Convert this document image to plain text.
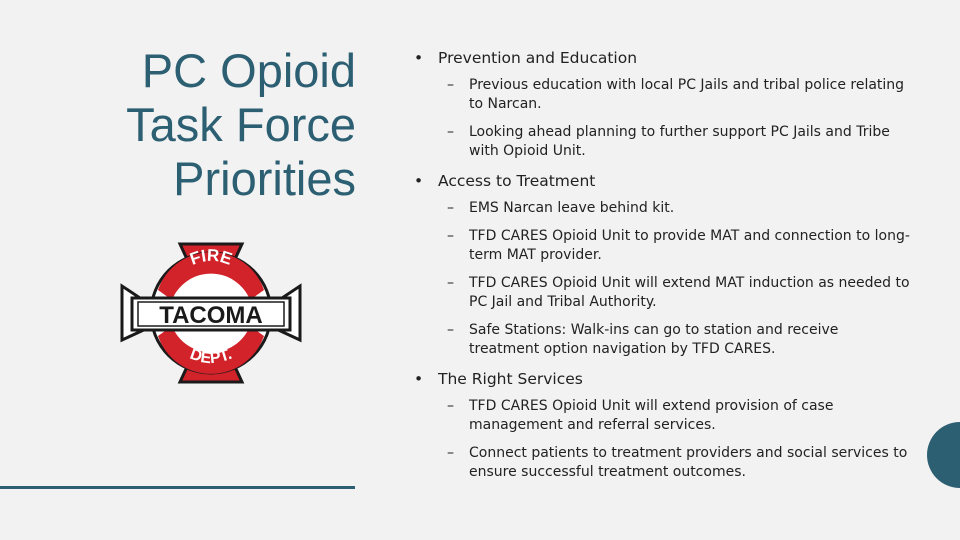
PC Opioid
Task Force
Priorities
FIRE
DEPT.
TACOMA
• Prevention and Education
– Previous education with local PC Jails and tribal police relating to Narcan.
– Looking ahead planning to further support PC Jails and Tribe with Opioid Unit.
• Access to Treatment
– EMS Narcan leave behind kit.
– TFD CARES Opioid Unit to provide MAT and connection to long-term MAT provider.
– TFD CARES Opioid Unit will extend MAT induction as needed to PC Jail and Tribal Authority.
– Safe Stations: Walk-ins can go to station and receive treatment option navigation by TFD CARES.
• The Right Services
– TFD CARES Opioid Unit will extend provision of case management and referral services.
– Connect patients to treatment providers and social services to ensure successful treatment outcomes.
